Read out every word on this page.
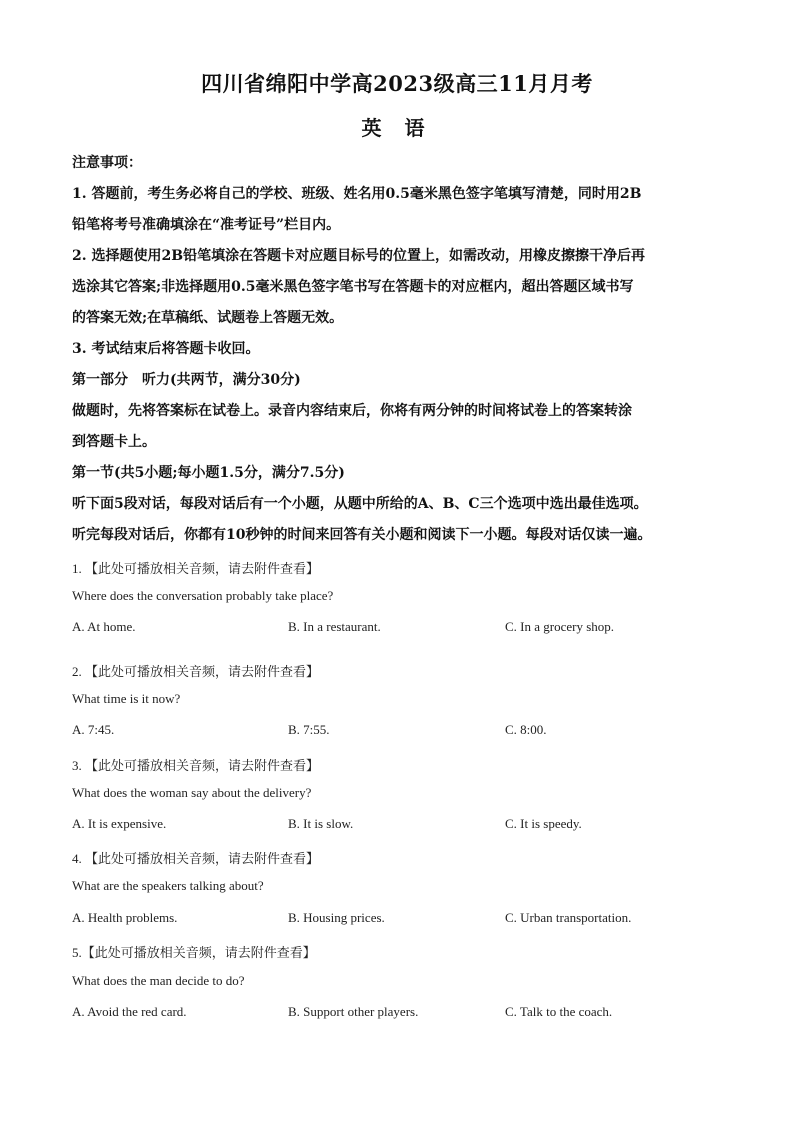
四川省绵阳中学高2023级高三11月月考
英 语
注意事项：
1. 答题前，考生务必将自己的学校、班级、姓名用0.5毫米黑色签字笔填写清楚，同时用2B
铅笔将考号准确填涂在“准考证号”栏目内。
2. 选择题使用2B铅笔填涂在答题卡对应题目标号的位置上，如需改动，用橡皮擦擦干净后再
选涂其它答案;非选择题用0.5毫米黑色签字笔书写在答题卡的对应框内，超出答题区域书写
的答案无效;在草稿纸、试题卷上答题无效。
3. 考试结束后将答题卡收回。
第一部分　听力(共两节，满分30分)
做题时，先将答案标在试卷上。录音内容结束后，你将有两分钟的时间将试卷上的答案转涂
到答题卡上。
第一节(共5小题;每小题1.5分，满分7.5分)
听下面5段对话，每段对话后有一个小题，从题中所给的A、B、C三个选项中选出最佳选项。
听完每段对话后，你都有10秒钟的时间来回答有关小题和阅读下一小题。每段对话仅读一遍。
1. 【此处可播放相关音频，请去附件查看】
Where does the conversation probably take place?
A. At home.	B. In a restaurant.	C. In a grocery shop.
2. 【此处可播放相关音频，请去附件查看】
What time is it now?
A. 7:45.	B. 7:55.	C. 8:00.
3. 【此处可播放相关音频，请去附件查看】
What does the woman say about the delivery?
A. It is expensive.	B. It is slow.	C. It is speedy.
4. 【此处可播放相关音频，请去附件查看】
What are the speakers talking about?
A. Health problems.	B. Housing prices.	C. Urban transportation.
5.【此处可播放相关音频，请去附件查看】
What does the man decide to do?
A. Avoid the red card.	B. Support other players.	C. Talk to the coach.
